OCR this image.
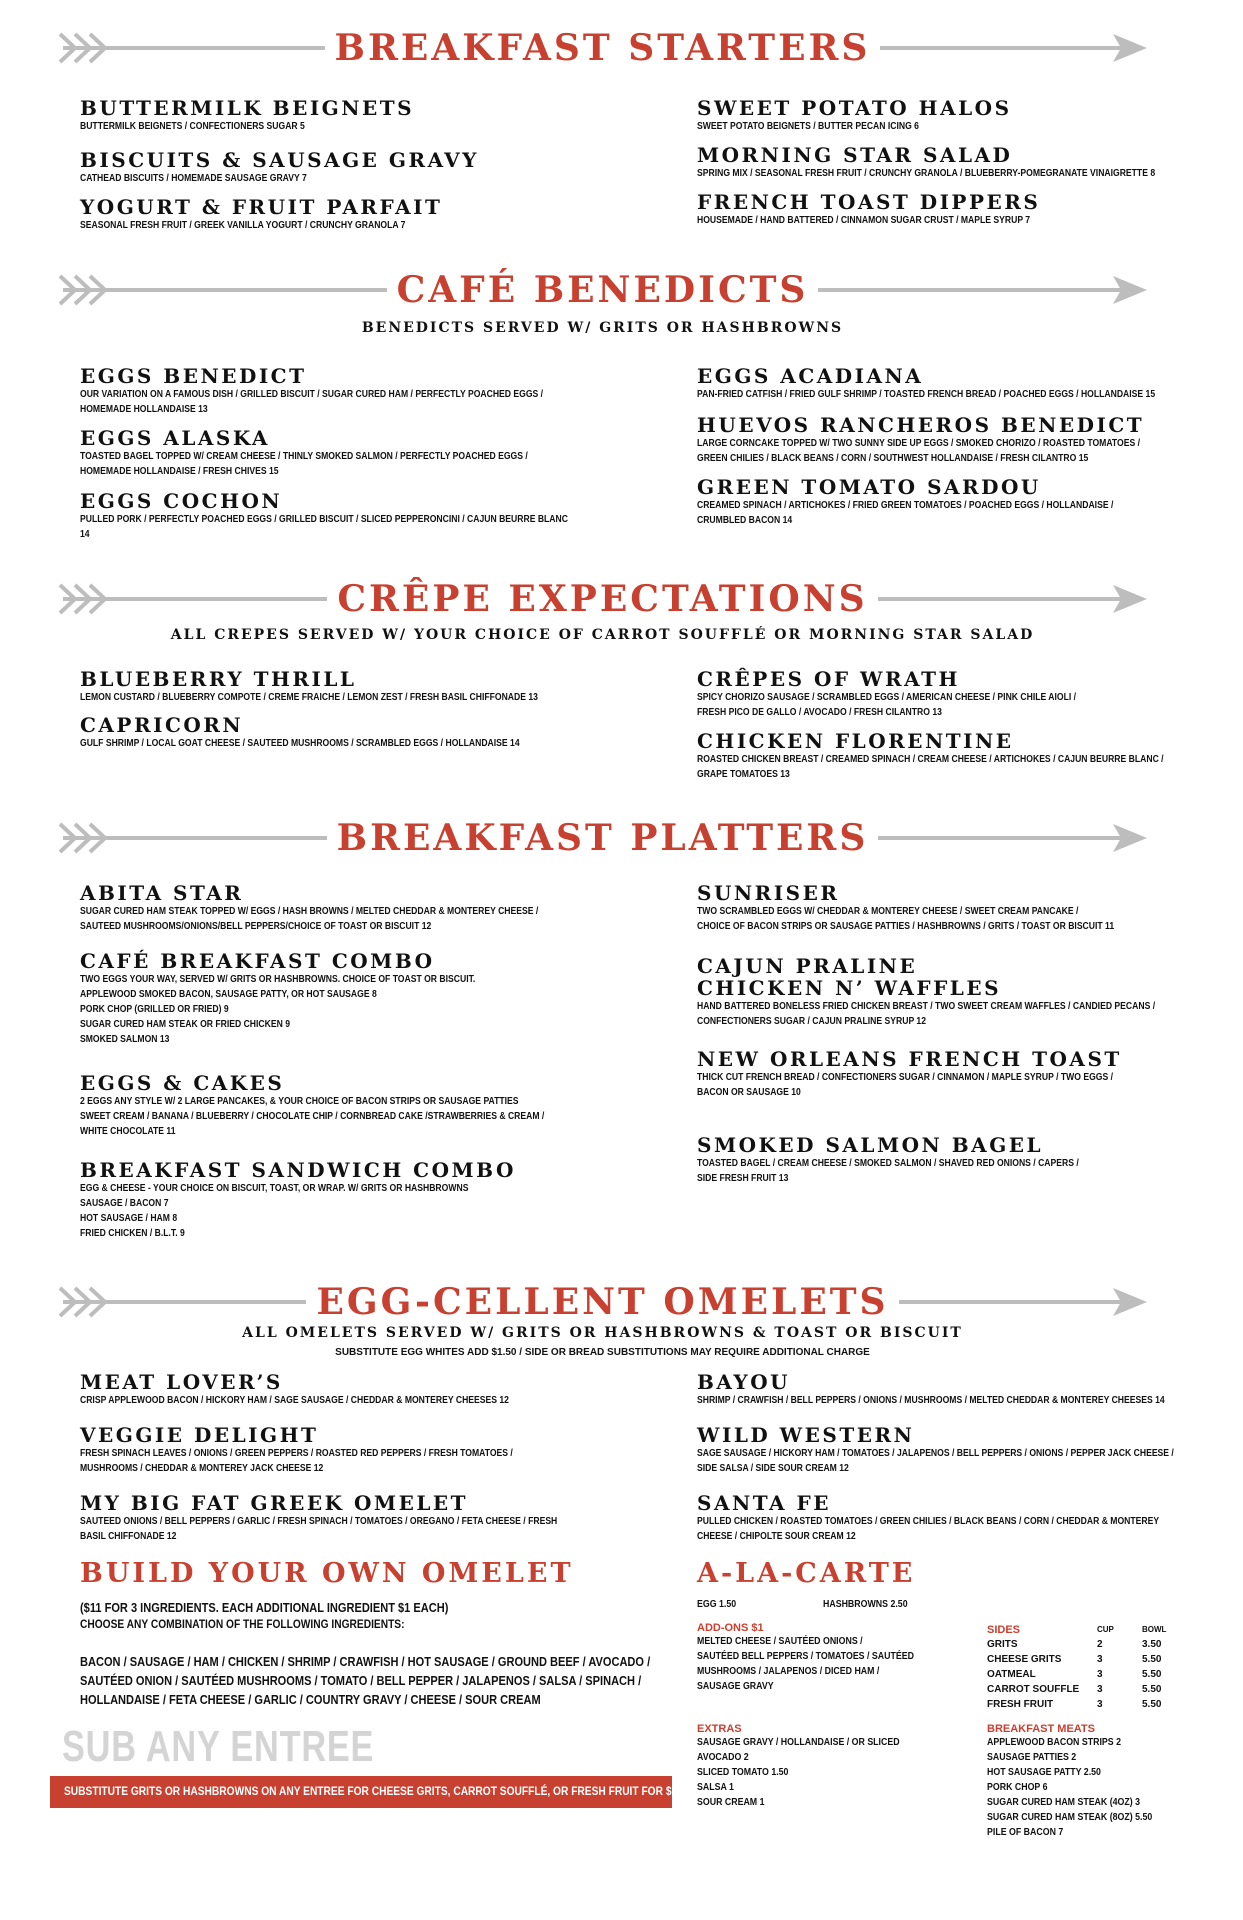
BREAKFAST STARTERS
CAFÉ BENEDICTS
BENEDICTS SERVED W/ GRITS OR HASHBROWNS
CRÊPE EXPECTATIONS
ALL CREPES SERVED W/ YOUR CHOICE OF CARROT SOUFFLÉ OR MORNING STAR SALAD
BREAKFAST PLATTERS
EGG-CELLENT OMELETS
ALL OMELETS SERVED W/ GRITS OR HASHBROWNS & TOAST OR BISCUIT
SUBSTITUTE EGG WHITES ADD $1.50 / SIDE OR BREAD SUBSTITUTIONS MAY REQUIRE ADDITIONAL CHARGE
BUTTERMILK BEIGNETS
BUTTERMILK BEIGNETS / CONFECTIONERS SUGAR 5
BISCUITS & SAUSAGE GRAVY
CATHEAD BISCUITS / HOMEMADE SAUSAGE GRAVY 7
YOGURT & FRUIT PARFAIT
SEASONAL FRESH FRUIT / GREEK VANILLA YOGURT / CRUNCHY GRANOLA 7
SWEET POTATO HALOS
SWEET POTATO BEIGNETS / BUTTER PECAN ICING 6
MORNING STAR SALAD
SPRING MIX / SEASONAL FRESH FRUIT / CRUNCHY GRANOLA / BLUEBERRY-POMEGRANATE VINAIGRETTE 8
FRENCH TOAST DIPPERS
HOUSEMADE / HAND BATTERED / CINNAMON SUGAR CRUST / MAPLE SYRUP 7
EGGS BENEDICT
OUR VARIATION ON A FAMOUS DISH / GRILLED BISCUIT / SUGAR CURED HAM / PERFECTLY POACHED EGGS /
HOMEMADE HOLLANDAISE 13
EGGS ALASKA
TOASTED BAGEL TOPPED W/ CREAM CHEESE / THINLY SMOKED SALMON / PERFECTLY POACHED EGGS /
HOMEMADE HOLLANDAISE / FRESH CHIVES 15
EGGS COCHON
PULLED PORK / PERFECTLY POACHED EGGS / GRILLED BISCUIT / SLICED PEPPERONCINI / CAJUN BEURRE BLANC 14
EGGS ACADIANA
PAN-FRIED CATFISH / FRIED GULF SHRIMP / TOASTED FRENCH BREAD / POACHED EGGS / HOLLANDAISE 15
HUEVOS RANCHEROS BENEDICT
LARGE CORNCAKE TOPPED W/ TWO SUNNY SIDE UP EGGS / SMOKED CHORIZO / ROASTED TOMATOES /
GREEN CHILIES / BLACK BEANS / CORN / SOUTHWEST HOLLANDAISE / FRESH CILANTRO 15
GREEN TOMATO SARDOU
CREAMED SPINACH / ARTICHOKES / FRIED GREEN TOMATOES / POACHED EGGS / HOLLANDAISE /
CRUMBLED BACON 14
BLUEBERRY THRILL
LEMON CUSTARD / BLUEBERRY COMPOTE / CREME FRAICHE / LEMON ZEST / FRESH BASIL CHIFFONADE 13
CAPRICORN
GULF SHRIMP / LOCAL GOAT CHEESE / SAUTEED MUSHROOMS / SCRAMBLED EGGS / HOLLANDAISE 14
CRÊPES OF WRATH
SPICY CHORIZO SAUSAGE / SCRAMBLED EGGS / AMERICAN CHEESE / PINK CHILE AIOLI /
FRESH PICO DE GALLO / AVOCADO / FRESH CILANTRO 13
CHICKEN FLORENTINE
ROASTED CHICKEN BREAST / CREAMED SPINACH / CREAM CHEESE / ARTICHOKES / CAJUN BEURRE BLANC /
GRAPE TOMATOES 13
ABITA STAR
SUGAR CURED HAM STEAK TOPPED W/ EGGS / HASH BROWNS / MELTED CHEDDAR & MONTEREY CHEESE /
SAUTEED MUSHROOMS/ONIONS/BELL PEPPERS/CHOICE OF TOAST OR BISCUIT 12
CAFÉ BREAKFAST COMBO
TWO EGGS YOUR WAY, SERVED W/ GRITS OR HASHBROWNS. CHOICE OF TOAST OR BISCUIT.
APPLEWOOD SMOKED BACON, SAUSAGE PATTY, OR HOT SAUSAGE 8
PORK CHOP (GRILLED OR FRIED) 9
SUGAR CURED HAM STEAK OR FRIED CHICKEN 9
SMOKED SALMON 13
EGGS & CAKES
2 EGGS ANY STYLE W/ 2 LARGE PANCAKES, & YOUR CHOICE OF BACON STRIPS OR SAUSAGE PATTIES
SWEET CREAM / BANANA / BLUEBERRY / CHOCOLATE CHIP / CORNBREAD CAKE /STRAWBERRIES & CREAM /
WHITE CHOCOLATE 11
BREAKFAST SANDWICH COMBO
EGG & CHEESE - YOUR CHOICE ON BISCUIT, TOAST, OR WRAP. W/ GRITS OR HASHBROWNS
SAUSAGE / BACON 7
HOT SAUSAGE / HAM 8
FRIED CHICKEN / B.L.T. 9
SUNRISER
TWO SCRAMBLED EGGS W/ CHEDDAR & MONTEREY CHEESE / SWEET CREAM PANCAKE /
CHOICE OF BACON STRIPS OR SAUSAGE PATTIES / HASHBROWNS / GRITS / TOAST OR BISCUIT 11
CAJUN PRALINE
CHICKEN N’ WAFFLES
HAND BATTERED BONELESS FRIED CHICKEN BREAST / TWO SWEET CREAM WAFFLES / CANDIED PECANS /
CONFECTIONERS SUGAR / CAJUN PRALINE SYRUP 12
NEW ORLEANS FRENCH TOAST
THICK CUT FRENCH BREAD / CONFECTIONERS SUGAR / CINNAMON / MAPLE SYRUP / TWO EGGS /
BACON OR SAUSAGE 10
SMOKED SALMON BAGEL
TOASTED BAGEL / CREAM CHEESE / SMOKED SALMON / SHAVED RED ONIONS / CAPERS /
SIDE FRESH FRUIT 13
MEAT LOVER’S
CRISP APPLEWOOD BACON / HICKORY HAM / SAGE SAUSAGE / CHEDDAR & MONTEREY CHEESES 12
VEGGIE DELIGHT
FRESH SPINACH LEAVES / ONIONS / GREEN PEPPERS / ROASTED RED PEPPERS / FRESH TOMATOES /
MUSHROOMS / CHEDDAR & MONTEREY JACK CHEESE 12
MY BIG FAT GREEK OMELET
SAUTEED ONIONS / BELL PEPPERS / GARLIC / FRESH SPINACH / TOMATOES / OREGANO / FETA CHEESE / FRESH
BASIL CHIFFONADE 12
BAYOU
SHRIMP / CRAWFISH / BELL PEPPERS / ONIONS / MUSHROOMS / MELTED CHEDDAR & MONTEREY CHEESES 14
WILD WESTERN
SAGE SAUSAGE / HICKORY HAM / TOMATOES / JALAPENOS / BELL PEPPERS / ONIONS / PEPPER JACK CHEESE /
SIDE SALSA / SIDE SOUR CREAM 12
SANTA FE
PULLED CHICKEN / ROASTED TOMATOES / GREEN CHILIES / BLACK BEANS / CORN / CHEDDAR & MONTEREY
CHEESE / CHIPOLTE SOUR CREAM 12
BUILD YOUR OWN OMELET
($11 FOR 3 INGREDIENTS. EACH ADDITIONAL INGREDIENT $1 EACH)
CHOOSE ANY COMBINATION OF THE FOLLOWING INGREDIENTS:
BACON / SAUSAGE / HAM / CHICKEN / SHRIMP / CRAWFISH / HOT SAUSAGE / GROUND BEEF / AVOCADO /
SAUTÉED ONION / SAUTÉED MUSHROOMS / TOMATO / BELL PEPPER / JALAPENOS / SALSA / SPINACH /
HOLLANDAISE / FETA CHEESE / GARLIC / COUNTRY GRAVY / CHEESE / SOUR CREAM
A-LA-CARTE
EGG 1.50	HASHBROWNS 2.50
ADD-ONS $1
MELTED CHEESE / SAUTÉED ONIONS /
SAUTÉED BELL PEPPERS / TOMATOES / SAUTÉED
MUSHROOMS / JALAPENOS / DICED HAM /
SAUSAGE GRAVY
EXTRAS
SAUSAGE GRAVY / HOLLANDAISE / OR SLICED
AVOCADO 2
SLICED TOMATO 1.50
SALSA 1
SOUR CREAM 1
SIDES	CUP	BOWL
GRITS	2	3.50
CHEESE GRITS	3	5.50
OATMEAL	3	5.50
CARROT SOUFFLE	3	5.50
FRESH FRUIT	3	5.50
BREAKFAST MEATS
APPLEWOOD BACON STRIPS 2
SAUSAGE PATTIES 2
HOT SAUSAGE PATTY 2.50
PORK CHOP 6
SUGAR CURED HAM STEAK (4OZ) 3
SUGAR CURED HAM STEAK (8OZ) 5.50
PILE OF BACON 7
SUB ANY ENTREE
SUBSTITUTE GRITS OR HASHBROWNS ON ANY ENTREE FOR CHEESE GRITS, CARROT SOUFFLÉ, OR FRESH FRUIT FOR $1
